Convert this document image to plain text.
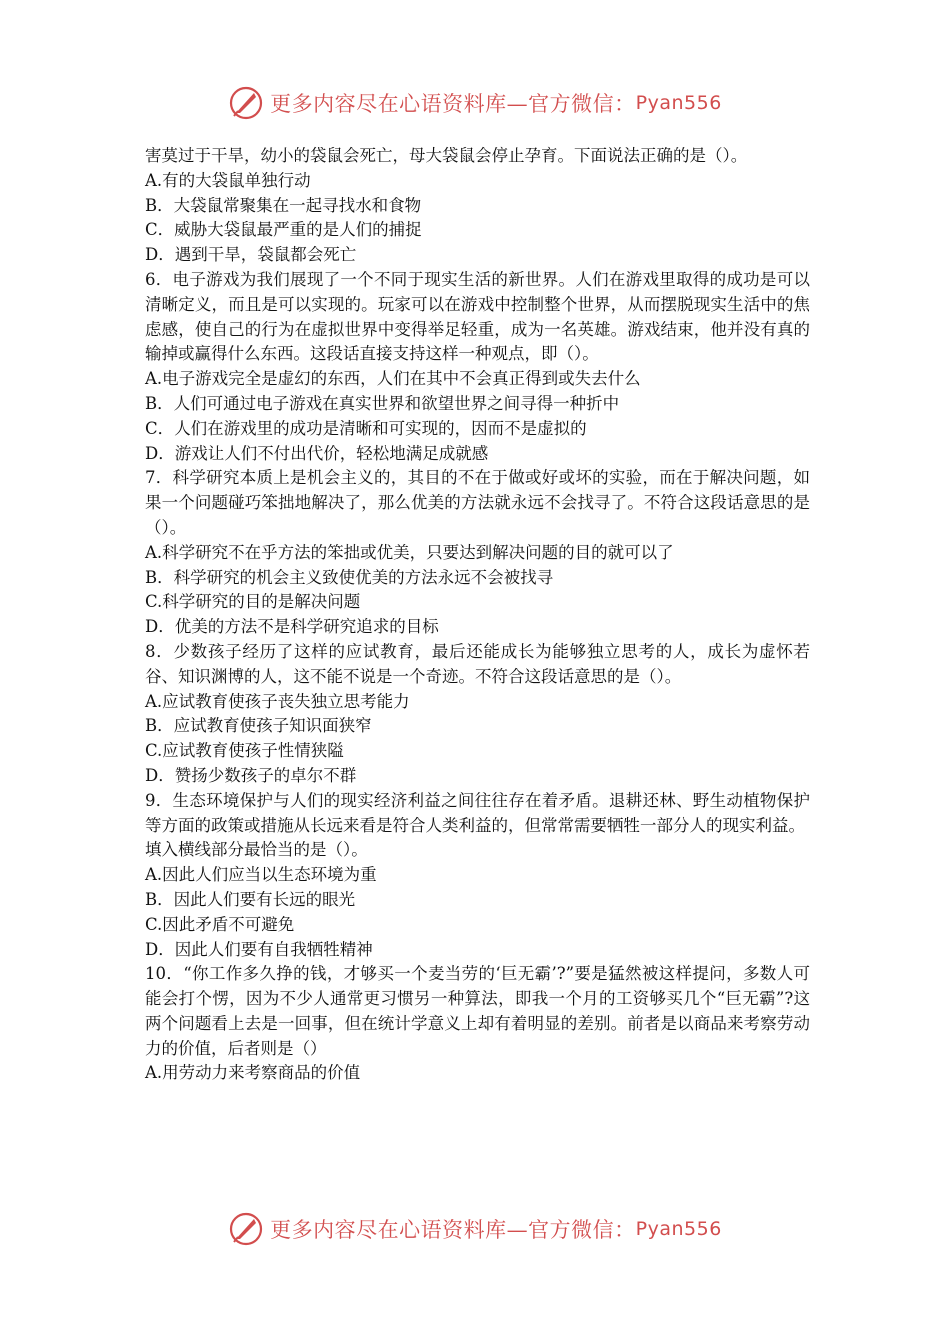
更多内容尽在心语资料库—官方微信： Pyan556

害莫过于干旱，幼小的袋鼠会死亡，母大袋鼠会停止孕育。下面说法正确的是（）。

A.有的大袋鼠单独行动

B．大袋鼠常聚集在一起寻找水和食物

C．威胁大袋鼠最严重的是人们的捕捉

D．遇到干旱，袋鼠都会死亡

6．电子游戏为我们展现了一个不同于现实生活的新世界。人们在游戏里取得的成功是可以清晰定义，而且是可以实现的。玩家可以在游戏中控制整个世界，从而摆脱现实生活中的焦虑感，使自己的行为在虚拟世界中变得举足轻重，成为一名英雄。游戏结束，他并没有真的输掉或赢得什么东西。这段话直接支持这样一种观点，即（）。

A.电子游戏完全是虚幻的东西，人们在其中不会真正得到或失去什么

B．人们可通过电子游戏在真实世界和欲望世界之间寻得一种折中

C．人们在游戏里的成功是清晰和可实现的，因而不是虚拟的

D．游戏让人们不付出代价，轻松地满足成就感

7．科学研究本质上是机会主义的，其目的不在于做或好或坏的实验，而在于解决问题，如果一个问题碰巧笨拙地解决了，那么优美的方法就永远不会找寻了。不符合这段话意思的是（）。

A.科学研究不在乎方法的笨拙或优美，只要达到解决问题的目的就可以了

B．科学研究的机会主义致使优美的方法永远不会被找寻

C.科学研究的目的是解决问题

D．优美的方法不是科学研究追求的目标

8．少数孩子经历了这样的应试教育，最后还能成长为能够独立思考的人，成长为虚怀若谷、知识渊博的人，这不能不说是一个奇迹。不符合这段话意思的是（）。

A.应试教育使孩子丧失独立思考能力

B．应试教育使孩子知识面狭窄

C.应试教育使孩子性情狭隘

D．赞扬少数孩子的卓尔不群

9．生态环境保护与人们的现实经济利益之间往往存在着矛盾。退耕还林、野生动植物保护等方面的政策或措施从长远来看是符合人类利益的，但常常需要牺牲一部分人的现实利益。

填入横线部分最恰当的是（）。

A.因此人们应当以生态环境为重

B．因此人们要有长远的眼光

C.因此矛盾不可避免

D．因此人们要有自我牺牲精神

10．“你工作多久挣的钱，才够买一个麦当劳的‘巨无霸’?”要是猛然被这样提问，多数人可能会打个愣，因为不少人通常更习惯另一种算法，即我一个月的工资够买几个“巨无霸”?这两个问题看上去是一回事，但在统计学意义上却有着明显的差别。前者是以商品来考察劳动力的价值，后者则是（）

A.用劳动力来考察商品的价值

更多内容尽在心语资料库—官方微信： Pyan556
